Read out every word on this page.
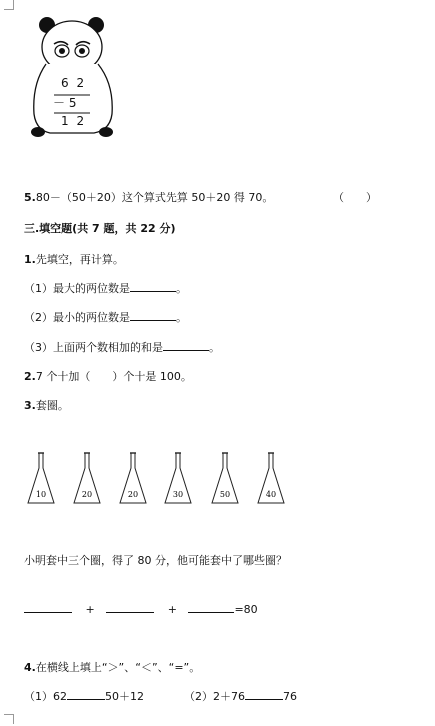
6 2
－ 5
1 2
5.80－（50＋20）这个算式先算 50＋20 得 70。	（　　）
三.填空题(共 7 题，共 22 分)
1.先填空，再计算。
（1）最大的两位数是	。
（2）最小的两位数是	。
（3）上面两个数相加的和是	。
2.7 个十加（　　）个十是 100。
3.套圈。
10	20	20	30	50	40
小明套中三个圈，得了 80 分，他可能套中了哪些圈？
+	+	=80
4.在横线上填上“＞”、“＜”、“=”。
（1）62	50＋12	（2）2＋76	76
